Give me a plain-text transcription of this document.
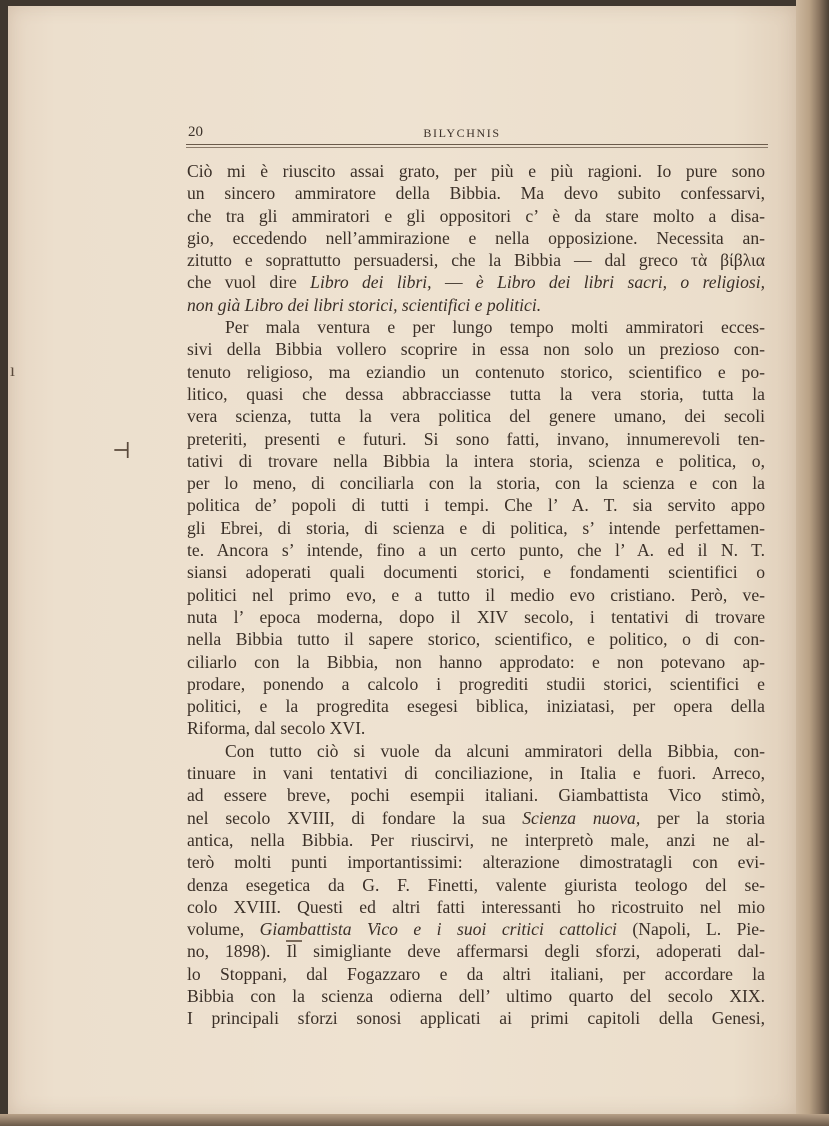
20	BILYCHNIS
⊣
ı
Ciò mi è riuscito assai grato, per più e più ragioni. Io pure sono
un sincero ammiratore della Bibbia. Ma devo subito confessarvi,
che tra gli ammiratori e gli oppositori c’ è da stare molto a disa-
gio, eccedendo nell’ammirazione e nella opposizione. Necessita an-
zitutto e soprattutto persuadersi, che la Bibbia — dal greco τὰ βίβλια
che vuol dire Libro dei libri, — è Libro dei libri sacri, o religiosi,
non già Libro dei libri storici, scientifici e politici.
Per mala ventura e per lungo tempo molti ammiratori ecces-
sivi della Bibbia vollero scoprire in essa non solo un prezioso con-
tenuto religioso, ma eziandio un contenuto storico, scientifico e po-
litico, quasi che dessa abbracciasse tutta la vera storia, tutta la
vera scienza, tutta la vera politica del genere umano, dei secoli
preteriti, presenti e futuri. Si sono fatti, invano, innumerevoli ten-
tativi di trovare nella Bibbia la intera storia, scienza e politica, o,
per lo meno, di conciliarla con la storia, con la scienza e con la
politica de’ popoli di tutti i tempi. Che l’ A. T. sia servito appo
gli Ebrei, di storia, di scienza e di politica, s’ intende perfettamen-
te. Ancora s’ intende, fino a un certo punto, che l’ A. ed il N. T.
siansi adoperati quali documenti storici, e fondamenti scientifici o
politici nel primo evo, e a tutto il medio evo cristiano. Però, ve-
nuta l’ epoca moderna, dopo il XIV secolo, i tentativi di trovare
nella Bibbia tutto il sapere storico, scientifico, e politico, o di con-
ciliarlo con la Bibbia, non hanno approdato: e non potevano ap-
prodare, ponendo a calcolo i progrediti studii storici, scientifici e
politici, e la progredita esegesi biblica, iniziatasi, per opera della
Riforma, dal secolo XVI.
Con tutto ciò si vuole da alcuni ammiratori della Bibbia, con-
tinuare in vani tentativi di conciliazione, in Italia e fuori. Arreco,
ad essere breve, pochi esempii italiani. Giambattista Vico stimò,
nel secolo XVIII, di fondare la sua Scienza nuova, per la storia
antica, nella Bibbia. Per riuscirvi, ne interpretò male, anzi ne al-
terò molti punti importantissimi: alterazione dimostratagli con evi-
denza esegetica da G. F. Finetti, valente giurista teologo del se-
colo XVIII. Questi ed altri fatti interessanti ho ricostruito nel mio
volume, Giambattista Vico e i suoi critici cattolici (Napoli, L. Pie-
no, 1898). Il simigliante deve affermarsi degli sforzi, adoperati dal-
lo Stoppani, dal Fogazzaro e da altri italiani, per accordare la
Bibbia con la scienza odierna dell’ ultimo quarto del secolo XIX.
I principali sforzi sonosi applicati ai primi capitoli della Genesi,
